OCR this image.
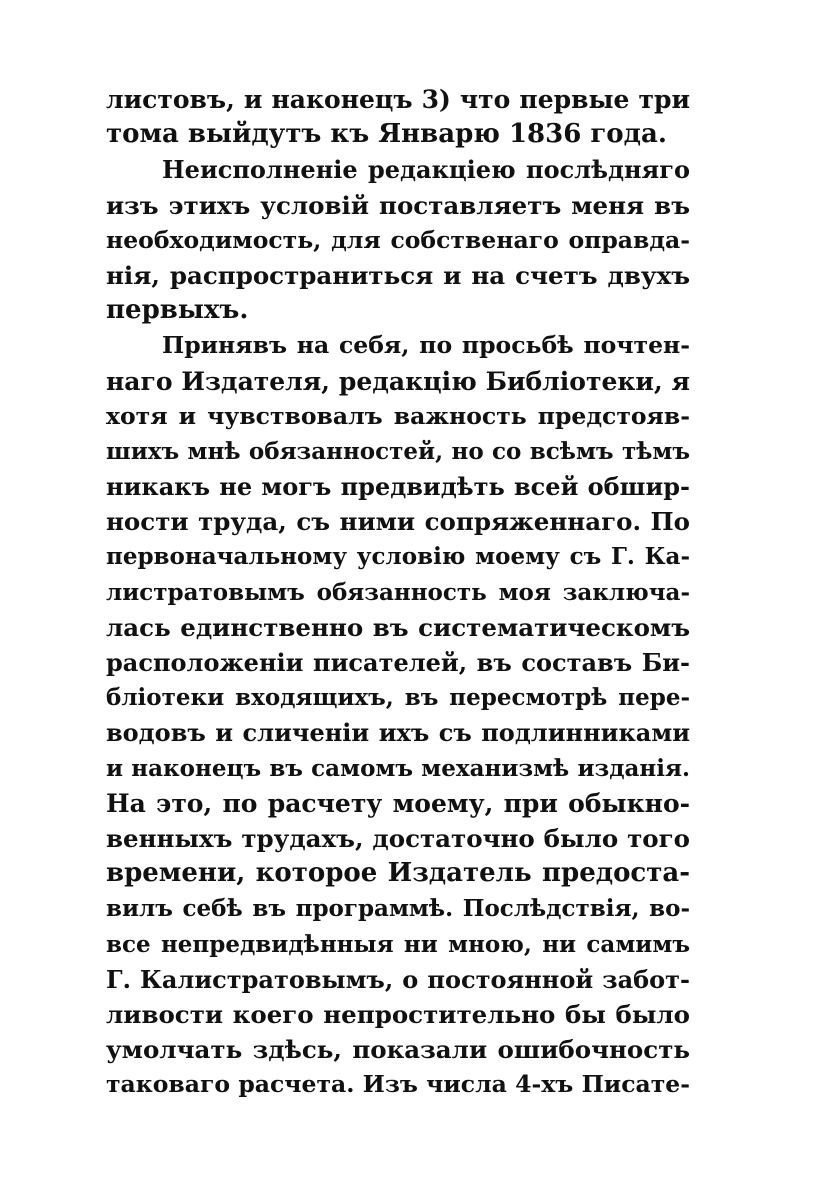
листовъ, и наконецъ 3) что первые три
тома выйдутъ къ Январю 1836 года.
Неисполненіе редакціею послѣдняго
изъ этихъ условій поставляетъ меня въ
необходимость, для собственаго оправда-
нія, распространиться и на счетъ двухъ
первыхъ.
Принявъ на себя, по просьбѣ почтен-
наго Издателя, редакцію Библіотеки, я
хотя и чувствовалъ важность предстояв-
шихъ мнѣ обязанностей, но со всѣмъ тѣмъ
никакъ не могъ предвидѣть всей обшир-
ности труда, съ ними сопряженнаго. По
первоначальному условію моему съ Г. Ка-
листратовымъ обязанность моя заключа-
лась единственно въ систематическомъ
расположеніи писателей, въ составъ Би-
бліотеки входящихъ, въ пересмотрѣ пере-
водовъ и сличеніи ихъ съ подлинниками
и наконецъ въ самомъ механизмѣ изданія.
На это, по расчету моему, при обыкно-
венныхъ трудахъ, достаточно было того
времени, которое Издатель предоста-
вилъ себѣ въ программѣ. Послѣдствія, во-
все непредвидѣнныя ни мною, ни самимъ
Г. Калистратовымъ, о постоянной забот-
ливости коего непростительно бы было
умолчать здѣсь, показали ошибочность
таковаго расчета. Изъ числа 4-хъ Писате-
